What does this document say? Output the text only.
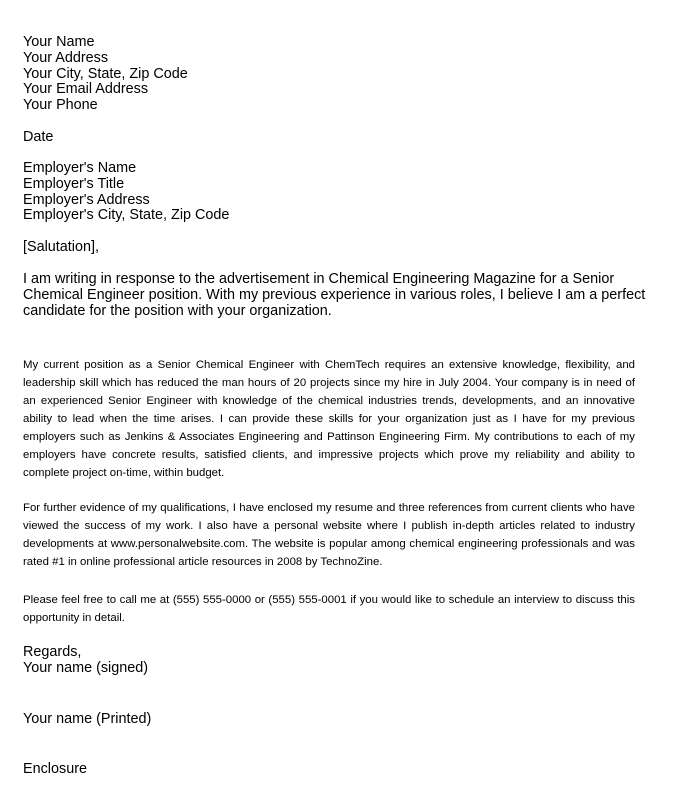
Your Name
Your Address
Your City, State, Zip Code
Your Email Address
Your Phone
Date
Employer's Name
Employer's Title
Employer's Address
Employer's City, State, Zip Code
[Salutation],
I am writing in response to the advertisement in Chemical Engineering Magazine for a Senior
Chemical Engineer position. With my previous experience in various roles, I believe I am a perfect
candidate for the position with your organization.

My current position as a Senior Chemical Engineer with ChemTech requires an extensive knowledge, flexibility, and leadership skill which has reduced the man hours of 20 projects since my hire in July 2004. Your company is in need of an experienced Senior Engineer with knowledge of the chemical industries trends, developments, and an innovative ability to lead when the time arises. I can provide these skills for your organization just as I have for my previous employers such as Jenkins & Associates Engineering and Pattinson Engineering Firm. My contributions to each of my employers have concrete results, satisfied clients, and impressive projects which prove my reliability and ability to complete project on-time, within budget.

For further evidence of my qualifications, I have enclosed my resume and three references from current clients who have viewed the success of my work. I also have a personal website where I publish in-depth articles related to industry developments at www.personalwebsite.com. The website is popular among chemical engineering professionals and was rated #1 in online professional article resources in 2008 by TechnoZine.

Please feel free to call me at (555) 555-0000 or (555) 555-0001 if you would like to schedule an interview to discuss this opportunity in detail.

Regards,
Your name (signed)
Your name (Printed)
Enclosure
